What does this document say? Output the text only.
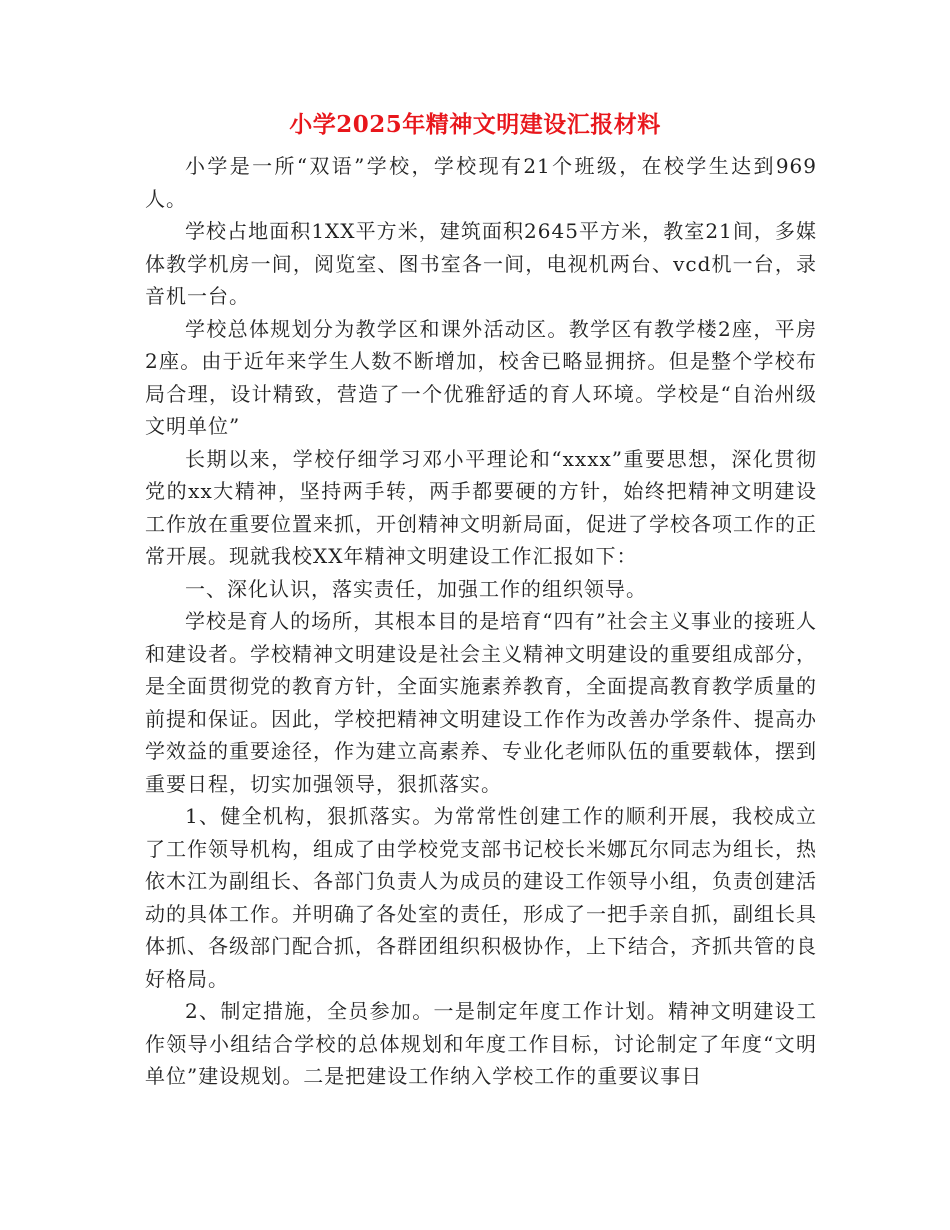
小学2025年精神文明建设汇报材料

小学是一所“双语”学校，学校现有21个班级，在校学生达到969人。

学校占地面积1XX平方米，建筑面积2645平方米，教室21间，多媒体教学机房一间，阅览室、图书室各一间，电视机两台、vcd机一台，录音机一台。

学校总体规划分为教学区和课外活动区。教学区有教学楼2座，平房2座。由于近年来学生人数不断增加，校舍已略显拥挤。但是整个学校布局合理，设计精致，营造了一个优雅舒适的育人环境。学校是“自治州级文明单位”

长期以来，学校仔细学习邓小平理论和“xxxx”重要思想，深化贯彻党的xx大精神，坚持两手转，两手都要硬的方针，始终把精神文明建设工作放在重要位置来抓，开创精神文明新局面，促进了学校各项工作的正常开展。现就我校XX年精神文明建设工作汇报如下：

一、深化认识，落实责任，加强工作的组织领导。

学校是育人的场所，其根本目的是培育“四有”社会主义事业的接班人和建设者。学校精神文明建设是社会主义精神文明建设的重要组成部分，是全面贯彻党的教育方针，全面实施素养教育，全面提高教育教学质量的前提和保证。因此，学校把精神文明建设工作作为改善办学条件、提高办学效益的重要途径，作为建立高素养、专业化老师队伍的重要载体，摆到重要日程，切实加强领导，狠抓落实。

1、健全机构，狠抓落实。为常常性创建工作的顺利开展，我校成立了工作领导机构，组成了由学校党支部书记校长米娜瓦尔同志为组长，热依木江为副组长、各部门负责人为成员的建设工作领导小组，负责创建活动的具体工作。并明确了各处室的责任，形成了一把手亲自抓，副组长具体抓、各级部门配合抓，各群团组织积极协作，上下结合，齐抓共管的良好格局。

2、制定措施，全员参加。一是制定年度工作计划。精神文明建设工作领导小组结合学校的总体规划和年度工作目标，讨论制定了年度“文明单位”建设规划。二是把建设工作纳入学校工作的重要议事日
